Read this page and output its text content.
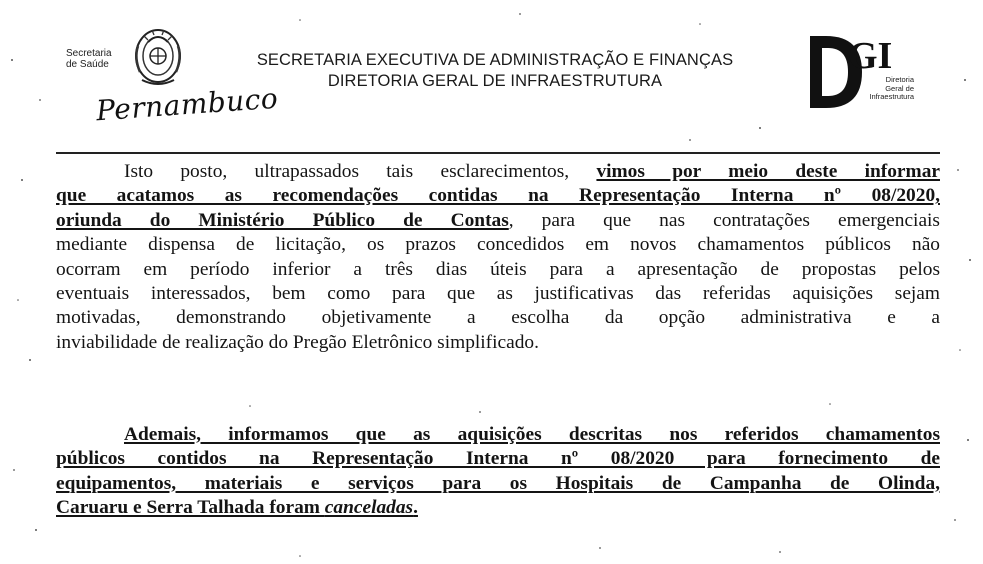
Secretaria
de Saúde
Pernambuco
SECRETARIA EXECUTIVA DE ADMINISTRAÇÃO E FINANÇAS
DIRETORIA GERAL DE INFRAESTRUTURA
GI
Diretoria
Geral de
Infraestrutura
Isto posto, ultrapassados tais esclarecimentos, vimos por meio deste informar
que acatamos as recomendações contidas na Representação Interna nº 08/2020,
oriunda do Ministério Público de Contas, para que nas contratações emergenciais
mediante dispensa de licitação, os prazos concedidos em novos chamamentos públicos não
ocorram em período inferior a três dias úteis para a apresentação de propostas pelos
eventuais interessados, bem como para que as justificativas das referidas aquisições sejam
motivadas, demonstrando objetivamente a escolha da opção administrativa e a
inviabilidade de realização do Pregão Eletrônico simplificado.
Ademais, informamos que as aquisições descritas nos referidos chamamentos
públicos contidos na Representação Interna nº 08/2020 para fornecimento de
equipamentos, materiais e serviços para os Hospitais de Campanha de Olinda,
Caruaru e Serra Talhada foram canceladas.
